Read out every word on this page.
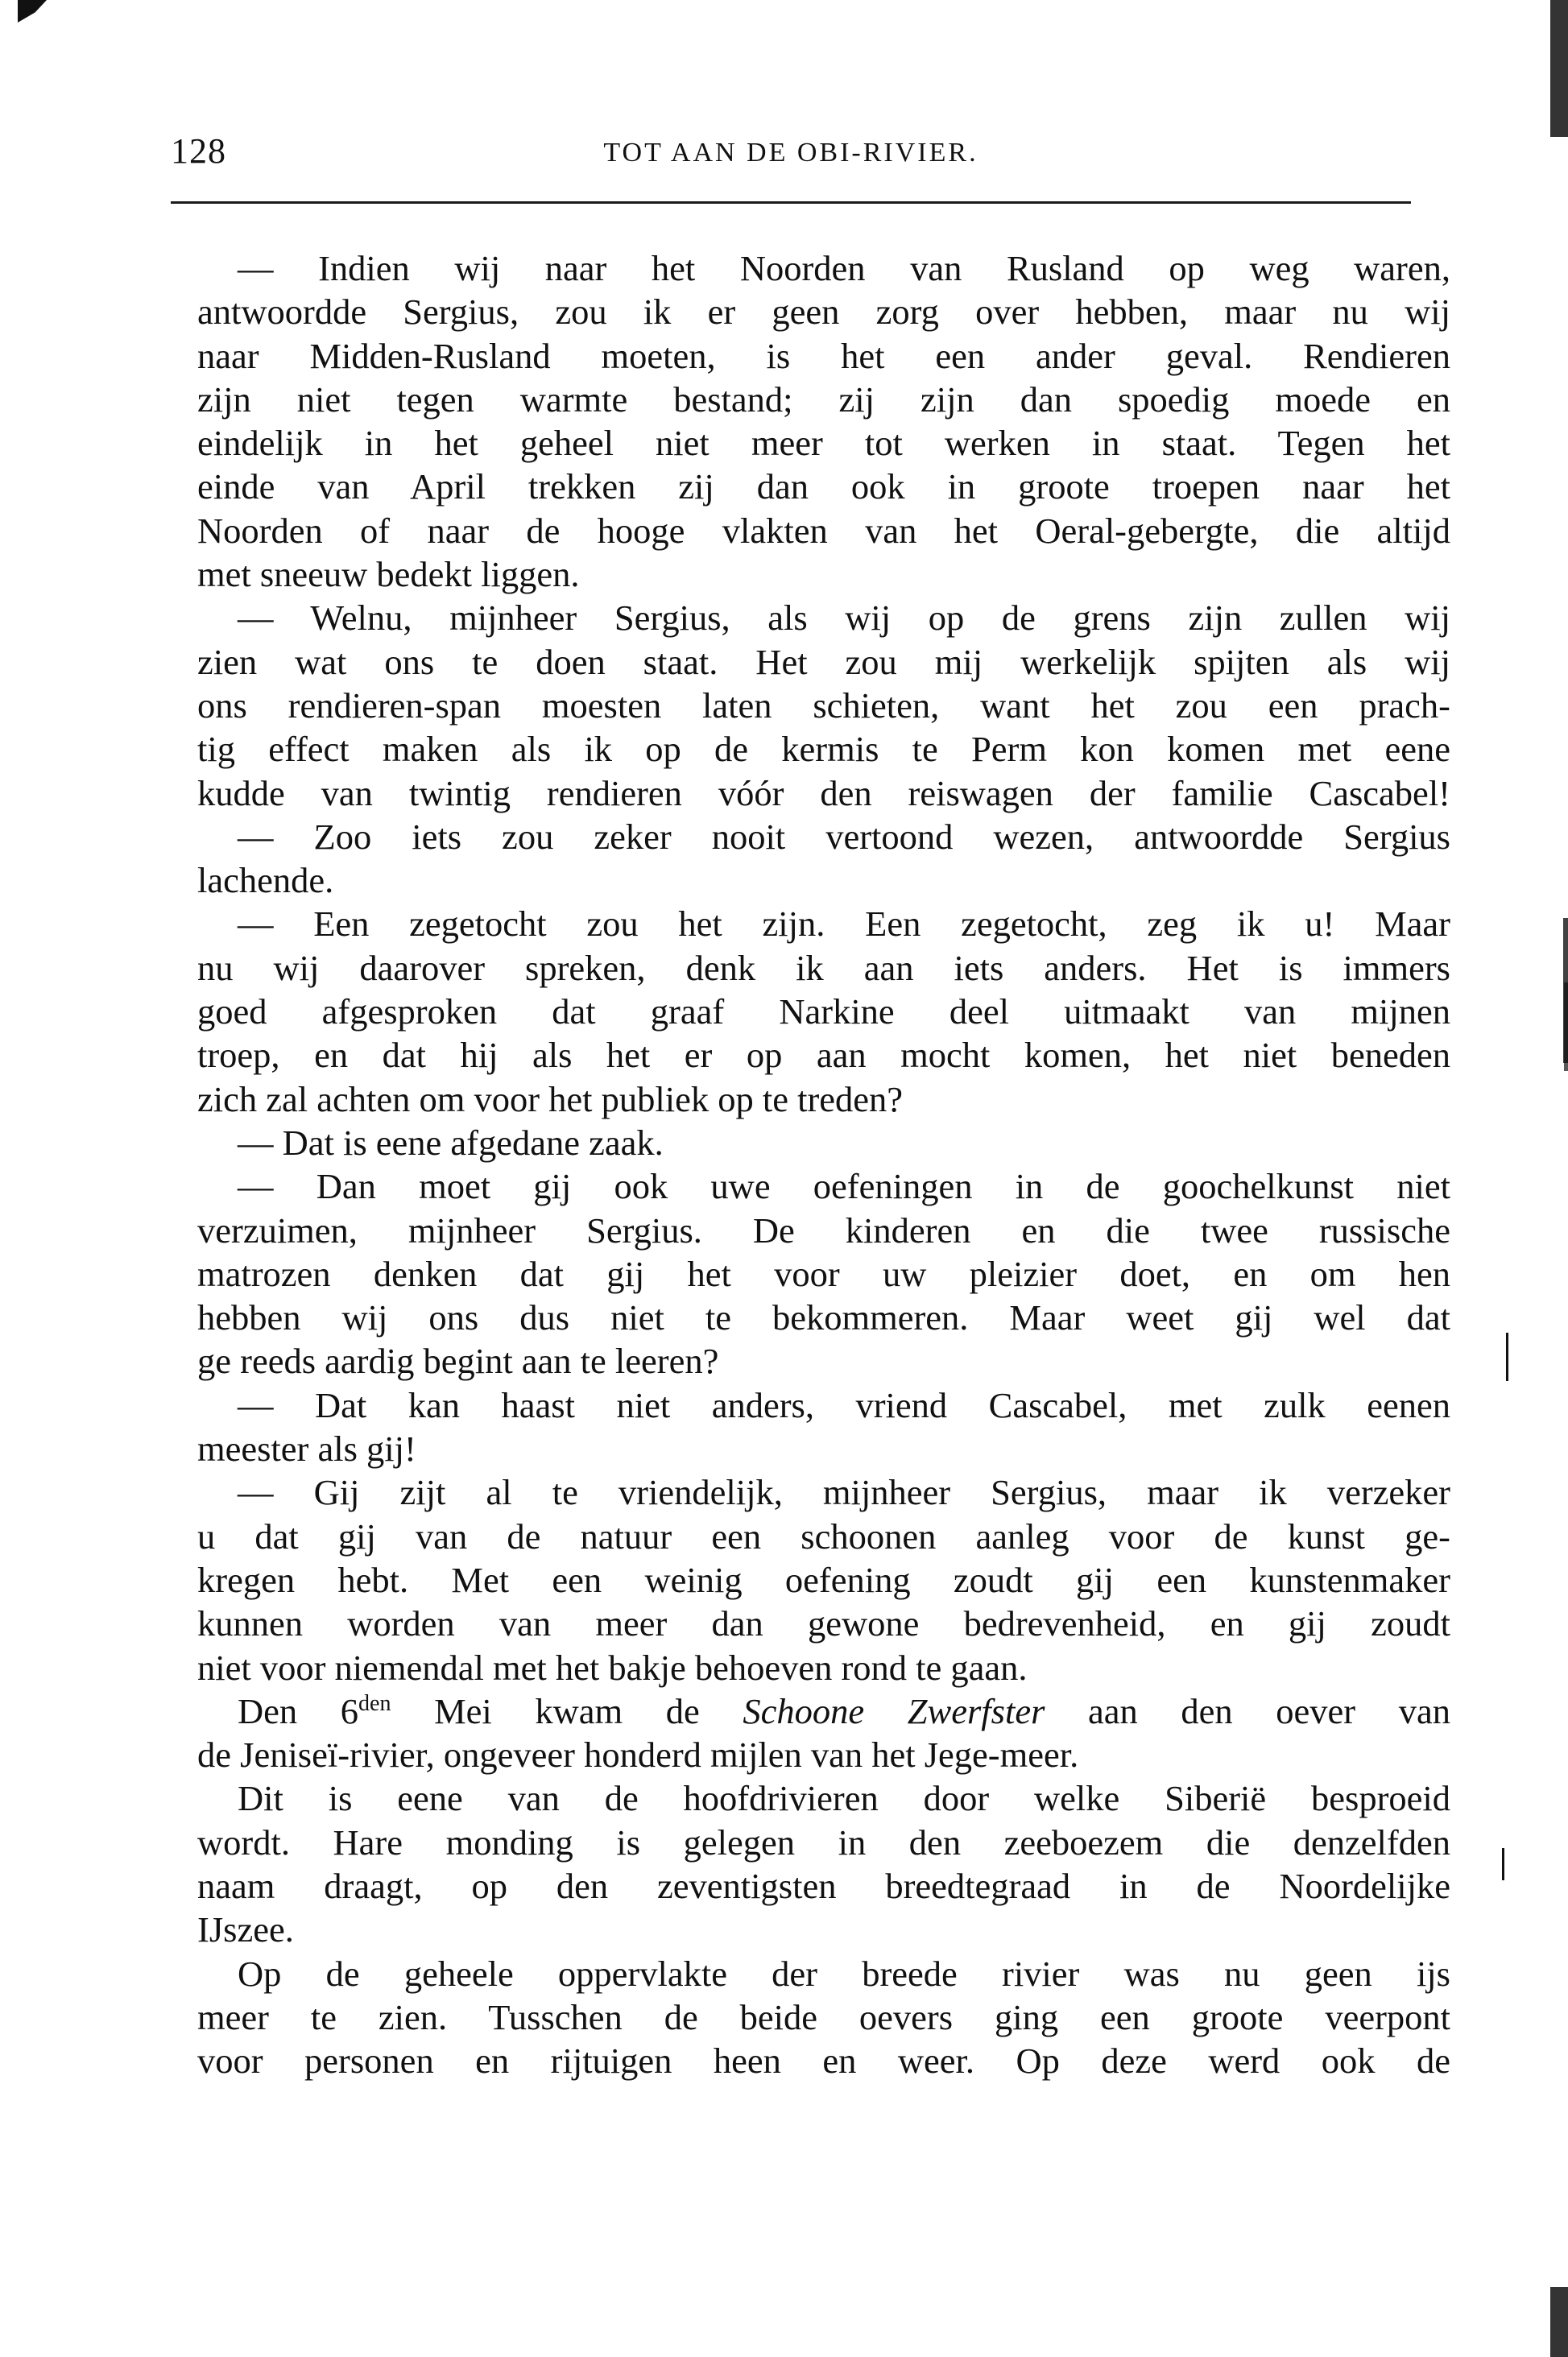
128	TOT AAN DE OBI-RIVIER.
— Indien wij naar het Noorden van Rusland op weg waren,
antwoordde Sergius, zou ik er geen zorg over hebben, maar nu wij
naar Midden-Rusland moeten, is het een ander geval. Rendieren
zijn niet tegen warmte bestand; zij zijn dan spoedig moede en
eindelijk in het geheel niet meer tot werken in staat. Tegen het
einde van April trekken zij dan ook in groote troepen naar het
Noorden of naar de hooge vlakten van het Oeral-gebergte, die altijd
met sneeuw bedekt liggen.
— Welnu, mijnheer Sergius, als wij op de grens zijn zullen wij
zien wat ons te doen staat. Het zou mij werkelijk spijten als wij
ons rendieren-span moesten laten schieten, want het zou een prach-
tig effect maken als ik op de kermis te Perm kon komen met eene
kudde van twintig rendieren vóór den reiswagen der familie Cascabel!
— Zoo iets zou zeker nooit vertoond wezen, antwoordde Sergius
lachende.
— Een zegetocht zou het zijn. Een zegetocht, zeg ik u! Maar
nu wij daarover spreken, denk ik aan iets anders. Het is immers
goed afgesproken dat graaf Narkine deel uitmaakt van mijnen
troep, en dat hij als het er op aan mocht komen, het niet beneden
zich zal achten om voor het publiek op te treden?
— Dat is eene afgedane zaak.
— Dan moet gij ook uwe oefeningen in de goochelkunst niet
verzuimen, mijnheer Sergius. De kinderen en die twee russische
matrozen denken dat gij het voor uw pleizier doet, en om hen
hebben wij ons dus niet te bekommeren. Maar weet gij wel dat
ge reeds aardig begint aan te leeren?
— Dat kan haast niet anders, vriend Cascabel, met zulk eenen
meester als gij!
— Gij zijt al te vriendelijk, mijnheer Sergius, maar ik verzeker
u dat gij van de natuur een schoonen aanleg voor de kunst ge-
kregen hebt. Met een weinig oefening zoudt gij een kunstenmaker
kunnen worden van meer dan gewone bedrevenheid, en gij zoudt
niet voor niemendal met het bakje behoeven rond te gaan.
Den $6^{den}$ Mei kwam de Schoone Zwerfster aan den oever van
de Jeniseï-rivier, ongeveer honderd mijlen van het Jege-meer.
Dit is eene van de hoofdrivieren door welke Siberië besproeid
wordt. Hare monding is gelegen in den zeeboezem die denzelfden
naam draagt, op den zeventigsten breedtegraad in de Noordelijke
IJszee.
Op de geheele oppervlakte der breede rivier was nu geen ijs
meer te zien. Tusschen de beide oevers ging een groote veerpont
voor personen en rijtuigen heen en weer. Op deze werd ook de
